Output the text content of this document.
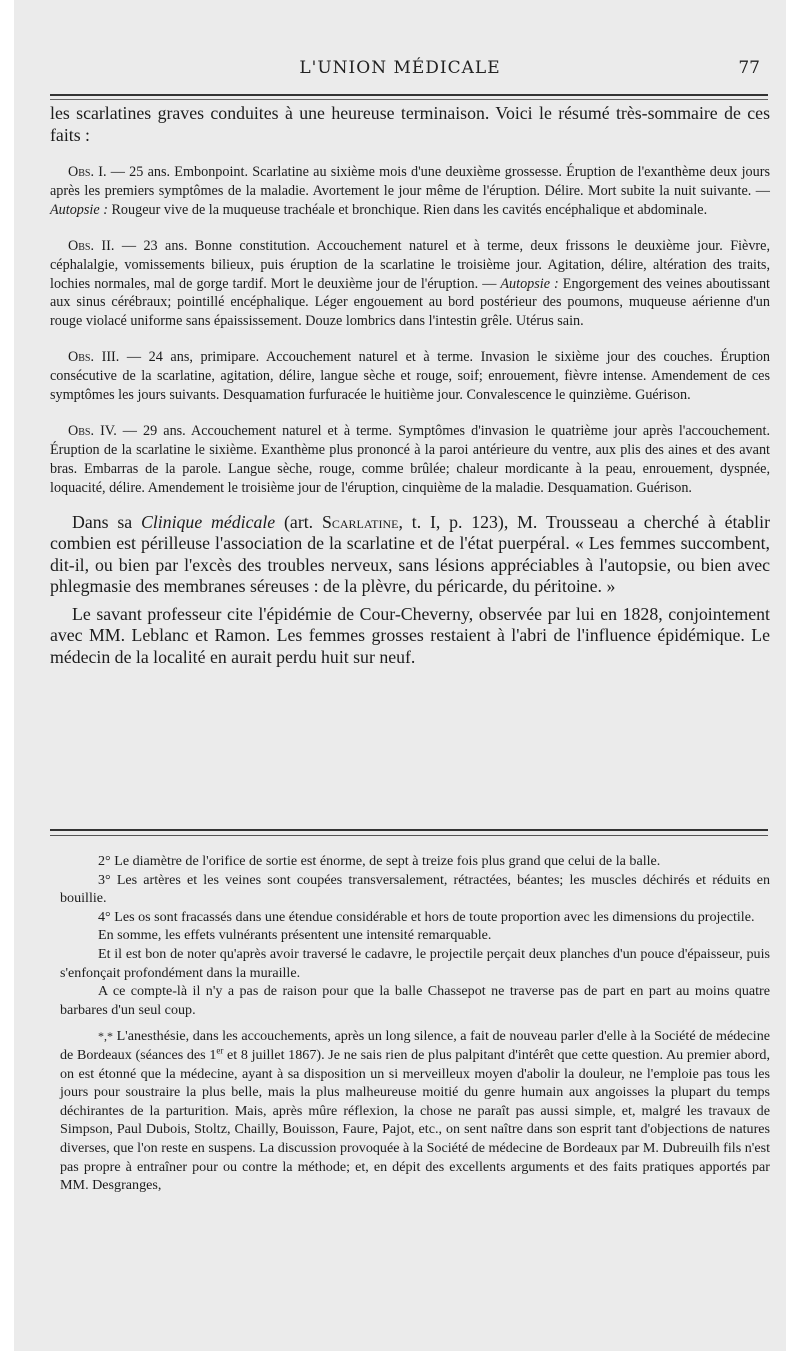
L'UNION MÉDICALE	77

les scarlatines graves conduites à une heureuse terminaison. Voici le résumé très-sommaire de ces faits :

Obs. I. — 25 ans. Embonpoint. Scarlatine au sixième mois d'une deuxième grossesse. Éruption de l'exanthème deux jours après les premiers symptômes de la maladie. Avortement le jour même de l'éruption. Délire. Mort subite la nuit suivante. — Autopsie : Rougeur vive de la muqueuse trachéale et bronchique. Rien dans les cavités encéphalique et abdominale.

Obs. II. — 23 ans. Bonne constitution. Accouchement naturel et à terme, deux frissons le deuxième jour. Fièvre, céphalalgie, vomissements bilieux, puis éruption de la scarlatine le troisième jour. Agitation, délire, altération des traits, lochies normales, mal de gorge tardif. Mort le deuxième jour de l'éruption. — Autopsie : Engorgement des veines aboutissant aux sinus cérébraux; pointillé encéphalique. Léger engouement au bord postérieur des poumons, muqueuse aérienne d'un rouge violacé uniforme sans épaississement. Douze lombrics dans l'intestin grêle. Utérus sain.

Obs. III. — 24 ans, primipare. Accouchement naturel et à terme. Invasion le sixième jour des couches. Éruption consécutive de la scarlatine, agitation, délire, langue sèche et rouge, soif; enrouement, fièvre intense. Amendement de ces symptômes les jours suivants. Desquamation furfuracée le huitième jour. Convalescence le quinzième. Guérison.

Obs. IV. — 29 ans. Accouchement naturel et à terme. Symptômes d'invasion le quatrième jour après l'accouchement. Éruption de la scarlatine le sixième. Exanthème plus prononcé à la paroi antérieure du ventre, aux plis des aines et des avant bras. Embarras de la parole. Langue sèche, rouge, comme brûlée; chaleur mordicante à la peau, enrouement, dyspnée, loquacité, délire. Amendement le troisième jour de l'éruption, cinquième de la maladie. Desquamation. Guérison.

Dans sa Clinique médicale (art. Scarlatine, t. I, p. 123), M. Trousseau a cherché à établir combien est périlleuse l'association de la scarlatine et de l'état puerpéral. « Les femmes succombent, dit-il, ou bien par l'excès des troubles nerveux, sans lésions appréciables à l'autopsie, ou bien avec phlegmasie des membranes séreuses : de la plèvre, du péricarde, du péritoine. »

Le savant professeur cite l'épidémie de Cour-Cheverny, observée par lui en 1828, conjointement avec MM. Leblanc et Ramon. Les femmes grosses restaient à l'abri de l'influence épidémique. Le médecin de la localité en aurait perdu huit sur neuf.

2° Le diamètre de l'orifice de sortie est énorme, de sept à treize fois plus grand que celui de la balle.

3° Les artères et les veines sont coupées transversalement, rétractées, béantes; les muscles déchirés et réduits en bouillie.

4° Les os sont fracassés dans une étendue considérable et hors de toute proportion avec les dimensions du projectile.

En somme, les effets vulnérants présentent une intensité remarquable.

Et il est bon de noter qu'après avoir traversé le cadavre, le projectile perçait deux planches d'un pouce d'épaisseur, puis s'enfonçait profondément dans la muraille.

A ce compte-là il n'y a pas de raison pour que la balle Chassepot ne traverse pas de part en part au moins quatre barbares d'un seul coup.

*,* L'anesthésie, dans les accouchements, après un long silence, a fait de nouveau parler d'elle à la Société de médecine de Bordeaux (séances des 1er et 8 juillet 1867). Je ne sais rien de plus palpitant d'intérêt que cette question. Au premier abord, on est étonné que la médecine, ayant à sa disposition un si merveilleux moyen d'abolir la douleur, ne l'emploie pas tous les jours pour soustraire la plus belle, mais la plus malheureuse moitié du genre humain aux angoisses la plupart du temps déchirantes de la parturition. Mais, après mûre réflexion, la chose ne paraît pas aussi simple, et, malgré les travaux de Simpson, Paul Dubois, Stoltz, Chailly, Bouisson, Faure, Pajot, etc., on sent naître dans son esprit tant d'objections de natures diverses, que l'on reste en suspens. La discussion provoquée à la Société de médecine de Bordeaux par M. Dubreuilh fils n'est pas propre à entraîner pour ou contre la méthode; et, en dépit des excellents arguments et des faits pratiques apportés par MM. Desgranges,
